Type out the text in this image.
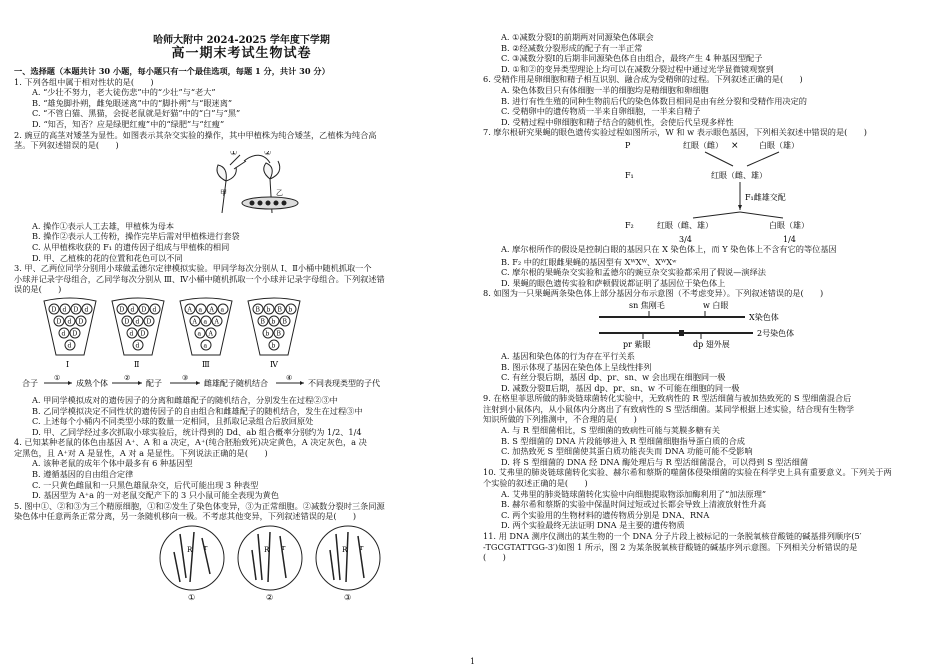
哈师大附中 2024-2025 学年度下学期
高一期末考试生物试卷
一、选择题（本题共计 30 小题，每小题只有一个最佳选项，每题 1 分，共计 30 分）
1. 下列各组中属于相对性状的是(　　)
A. “少壮不努力，老大徒伤悲”中的“少壮”与“老大”
B. “雄兔脚扑朔，雌兔眼迷离”中的“脚扑朔”与“眼迷离”
C. “不管白猫、黑猫，会捉老鼠就是好猫”中的“白”与“黑”
D. “知否，知否？应是绿肥红瘦”中的“绿肥”与“红瘦”
2. 豌豆的高茎对矮茎为显性。如图表示其杂交实验的操作，其中甲植株为纯合矮茎，乙植株为纯合高
茎。下列叙述错误的是(　　)
①	②
甲	乙
A. 操作①表示人工去雄，甲植株为母本
B. 操作②表示人工传粉，操作完毕后需对甲植株进行套袋
C. 从甲植株收获的 F₁ 的遗传因子组成与甲植株的相同
D. 甲、乙植株的花的位置和花色可以不同
3. 甲、乙两位同学分别用小球做孟德尔定律模拟实验。甲同学每次分别从 Ⅰ、Ⅱ小桶中随机抓取一个
小球并记录字母组合，乙同学每次分别从 Ⅲ、Ⅳ小桶中随机抓取一个小球并记录字母组合。下列叙述错
误的是(　　)
D d D d
D d D
d D
d
D d D d
D d D
d D
d
A a A a
A a A
a A
a
B b B b
B b B
b B
b
Ⅰ	Ⅱ	Ⅲ	Ⅳ
合子
①
成熟个体
②
配子
③
雌雄配子随机结合
④
不同表现类型的子代
A. 甲同学模拟成对的遗传因子的分离和雌雄配子的随机结合，分别发生在过程②③中
B. 乙同学模拟决定不同性状的遗传因子的自由组合和雌雄配子的随机结合，发生在过程③中
C. 上述每个小桶内不同类型小球的数量一定相同，且抓取记录组合后放回原处
D. 甲、乙同学经过多次抓取小球实验后，统计得到的 Dd、ab 组合概率分别约为 1/2、1/4
4. 已知某种老鼠的体色由基因 A⁺、A 和 a 决定，A⁺(纯合胚胎致死)决定黄色，A 决定灰色，a 决
定黑色，且 A⁺对 A 是显性，A 对 a 是显性。下列说法正确的是(　　)
A. 该种老鼠的成年个体中最多有 6 种基因型
B. 遵循基因的自由组合定律
C. 一只黄色雌鼠和一只黑色雄鼠杂交，后代可能出现 3 种表型
D. 基因型为 A⁺a 的一对老鼠交配产下的 3 只小鼠可能全表现为黄色
5. 图中①、②和③为三个精原细胞，①和②发生了染色体变异，③为正常细胞。②减数分裂时三条同源
染色体中任意两条正常分离，另一条随机移向一极。不考虑其他变异，下列叙述错误的是(　　)
R r	R r	R r
①	②	③
A. ①减数分裂Ⅰ的前期两对同源染色体联会
B. ②经减数分裂形成的配子有一半正常
C. ③减数分裂Ⅰ的后期非同源染色体自由组合，最终产生 4 种基因型配子
D. ①和②的变异类型理论上均可以在减数分裂过程中通过光学显微镜观察到
6. 受精作用是卵细胞和精子相互识别、融合成为受精卵的过程。下列叙述正确的是(　　)
A. 染色体数目只有体细胞一半的细胞均是精细胞和卵细胞
B. 进行有性生殖的同种生物前后代的染色体数目相同是由有丝分裂和受精作用决定的
C. 受精卵中的遗传物质一半来自卵细胞，一半来自精子
D. 受精过程中卵细胞和精子结合的随机性，会使后代呈现多样性
7. 摩尔根研究果蝇的眼色遗传实验过程如图所示，W 和 w 表示眼色基因，下列相关叙述中错误的是(　　)
P	红眼（雌） ×	白眼（雄）
F₁	红眼（雌、雄）
F₁雌雄交配
F₂	红眼（雌、雄）	白眼（雄）
3/4	1/4
A. 摩尔根所作的假设是控制白眼的基因只在 X 染色体上，而 Y 染色体上不含有它的等位基因
B. F₂ 中的红眼雌果蝇的基因型有 XᵂXᵂ、XᵂXʷ
C. 摩尔根的果蝇杂交实验和孟德尔的豌豆杂交实验都采用了假说—演绎法
D. 果蝇的眼色遗传实验和萨顿假说都证明了基因位于染色体上
8. 如图为一只果蝇两条染色体上部分基因分布示意图（不考虑变异）。下列叙述错误的是(　　)
sn 焦刚毛	w 白眼
X染色体
2号染色体
pr 紫眼	dp 翅外展
A. 基因和染色体的行为存在平行关系
B. 图示体现了基因在染色体上呈线性排列
C. 有丝分裂后期，基因 dp、pr、sn、w 会出现在细胞同一极
D. 减数分裂Ⅱ后期，基因 dp、pr、sn、w 不可能在细胞的同一极
9. 在格里菲思所做的肺炎链球菌转化实验中，无致病性的 R 型活细菌与被加热致死的 S 型细菌混合后
注射到小鼠体内，从小鼠体内分离出了有致病性的 S 型活细菌。某同学根据上述实验，结合现有生物学
知识所做的下列推测中，不合理的是(　　)
A. 与 R 型细菌相比，S 型细菌的致病性可能与荚膜多糖有关
B. S 型细菌的 DNA 片段能够进入 R 型细菌细胞指导蛋白质的合成
C. 加热致死 S 型细菌使其蛋白质功能丧失而 DNA 功能可能不受影响
D. 将 S 型细菌的 DNA 经 DNA 酶处理后与 R 型活细菌混合，可以得到 S 型活细菌
10. 艾弗里的肺炎链球菌转化实验、赫尔希和蔡斯的噬菌体侵染细菌的实验在科学史上具有重要意义。下列关于两
个实验的叙述正确的是(　　)
A. 艾弗里的肺炎链球菌转化实验中向细胞提取物添加酶利用了“加法原理”
B. 赫尔希和蔡斯的实验中保温时间过短或过长都会导致上清液放射性升高
C. 两个实验用的生物材料的遗传物质分别是 DNA、RNA
D. 两个实验最终无法证明 DNA 是主要的遗传物质
11. 用 DNA 测序仪测出的某生物的一个 DNA 分子片段上被标记的一条脱氧核苷酸链的碱基排列顺序(5′
-TGCGTATTGG-3′)如图 1 所示，图 2 为某条脱氧核苷酸链的碱基序列示意图。下列相关分析错误的是
(　　)
1
